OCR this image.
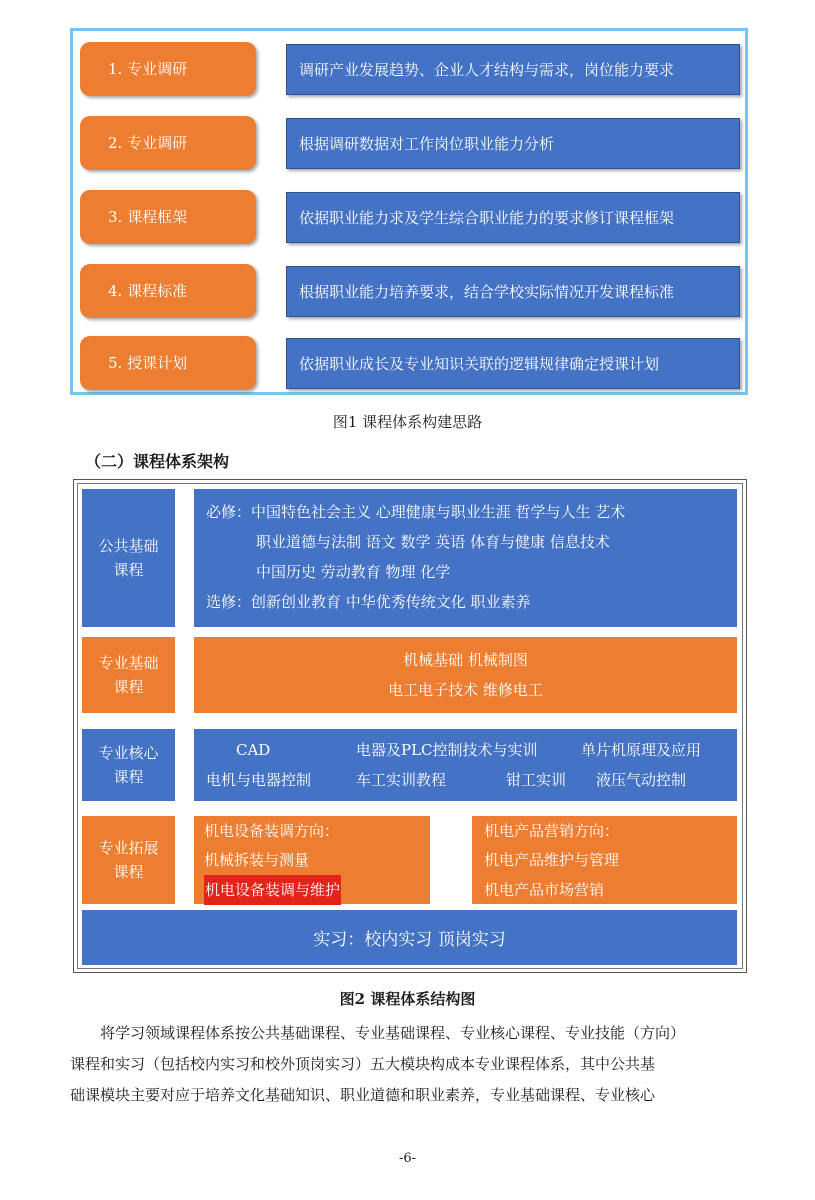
1. 专业调研	调研产业发展趋势、企业人才结构与需求，岗位能力要求
2. 专业调研	根据调研数据对工作岗位职业能力分析
3. 课程框架	依据职业能力求及学生综合职业能力的要求修订课程框架
4. 课程标准	根据职业能力培养要求，结合学校实际情况开发课程标准
5. 授课计划	依据职业成长及专业知识关联的逻辑规律确定授课计划
图1 课程体系构建思路
（二）课程体系架构
公共基础
课程
必修：中国特色社会主义 心理健康与职业生涯 哲学与人生 艺术
职业道德与法制 语文 数学 英语 体育与健康 信息技术
中国历史 劳动教育 物理 化学
选修：创新创业教育 中华优秀传统文化 职业素养
专业基础
课程
机械基础 机械制图
电工电子技术 维修电工
专业核心
课程
CAD	电器及PLC控制技术与实训	单片机原理及应用
电机与电器控制	车工实训教程	钳工实训 液压气动控制
专业拓展
课程
机电设备装调方向：
机械拆装与测量
机电设备装调与维护
机电产品营销方向：
机电产品维护与管理
机电产品市场营销
实习：校内实习 顶岗实习
图2 课程体系结构图
将学习领域课程体系按公共基础课程、专业基础课程、专业核心课程、专业技能（方向）
课程和实习（包括校内实习和校外顶岗实习）五大模块构成本专业课程体系，其中公共基
础课模块主要对应于培养文化基础知识、职业道德和职业素养，专业基础课程、专业核心
-6-
